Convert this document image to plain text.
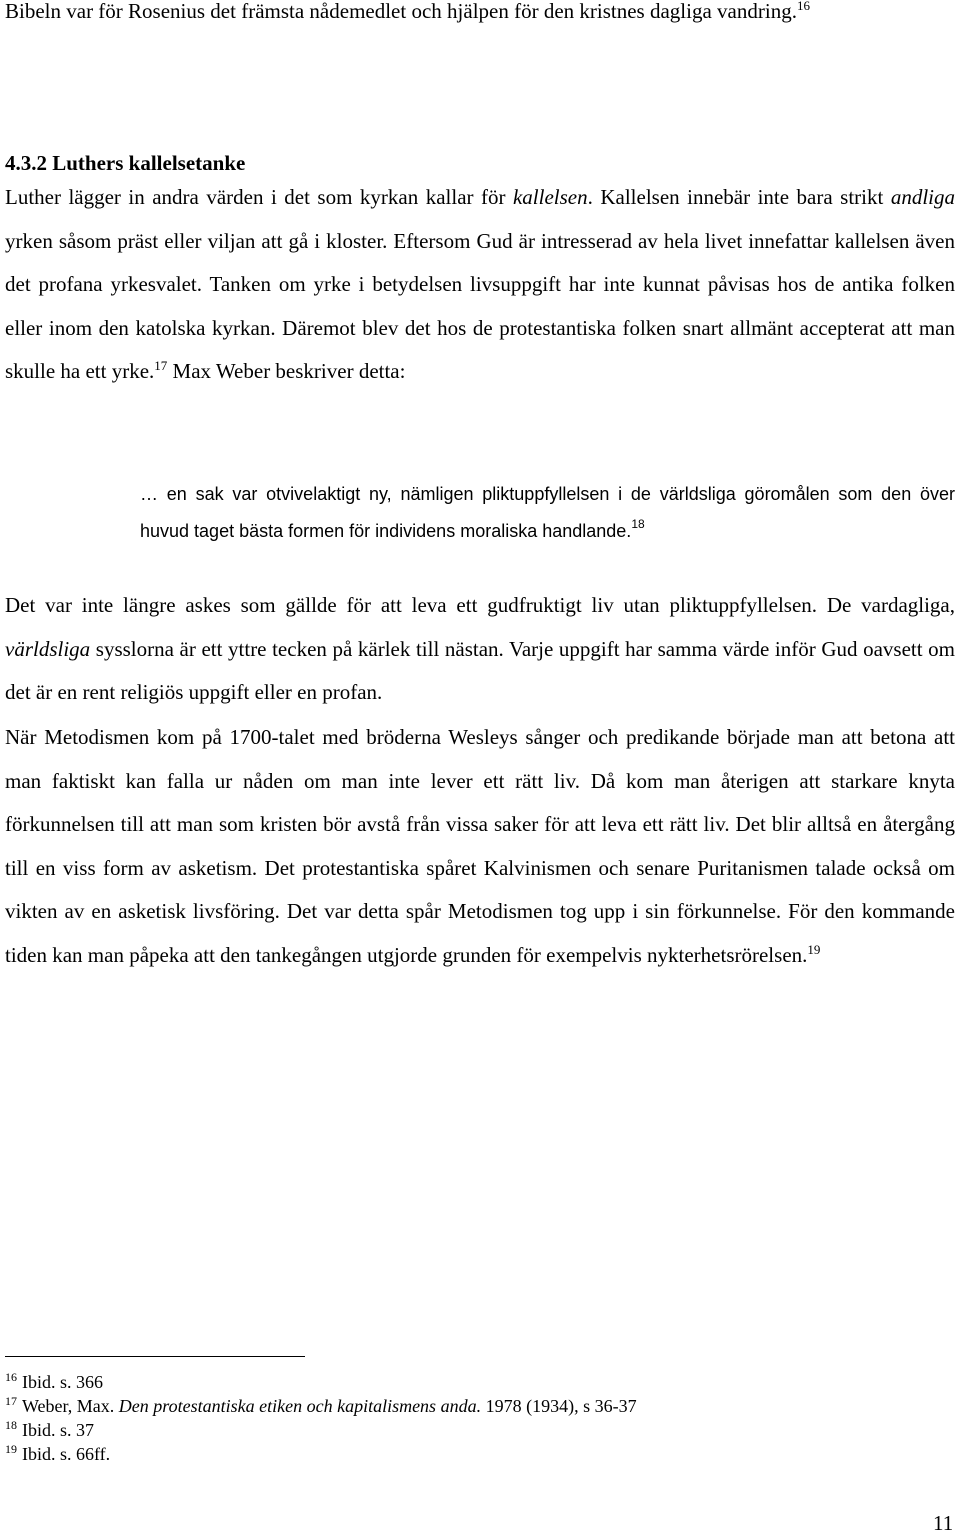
Bibeln var för Rosenius det främsta nådemedlet och hjälpen för den kristnes dagliga vandring.$^{16}$

4.3.2 Luthers kallelsetanke

Luther lägger in andra värden i det som kyrkan kallar för kallelsen. Kallelsen innebär inte bara strikt andliga yrken såsom präst eller viljan att gå i kloster. Eftersom Gud är intresserad av hela livet innefattar kallelsen även det profana yrkesvalet. Tanken om yrke i betydelsen livsuppgift har inte kunnat påvisas hos de antika folken eller inom den katolska kyrkan. Däremot blev det hos de protestantiska folken snart allmänt accepterat att man skulle ha ett yrke.$^{17}$ Max Weber beskriver detta:

… en sak var otvivelaktigt ny, nämligen pliktuppfyllelsen i de världsliga göromålen som den över huvud taget bästa formen för individens moraliska handlande.$^{18}$

Det var inte längre askes som gällde för att leva ett gudfruktigt liv utan pliktuppfyllelsen. De vardagliga, världsliga sysslorna är ett yttre tecken på kärlek till nästan. Varje uppgift har samma värde inför Gud oavsett om det är en rent religiös uppgift eller en profan.

När Metodismen kom på 1700-talet med bröderna Wesleys sånger och predikande började man att betona att man faktiskt kan falla ur nåden om man inte lever ett rätt liv. Då kom man återigen att starkare knyta förkunnelsen till att man som kristen bör avstå från vissa saker för att leva ett rätt liv. Det blir alltså en återgång till en viss form av asketism. Det protestantiska spåret Kalvinismen och senare Puritanismen talade också om vikten av en asketisk livsföring. Det var detta spår Metodismen tog upp i sin förkunnelse. För den kommande tiden kan man påpeka att den tankegången utgjorde grunden för exempelvis nykterhetsrörelsen.$^{19}$

$^{16}$ Ibid. s. 366

$^{17}$ Weber, Max. Den protestantiska etiken och kapitalismens anda. 1978 (1934), s 36-37

$^{18}$ Ibid. s. 37

$^{19}$ Ibid. s. 66ff.

11
